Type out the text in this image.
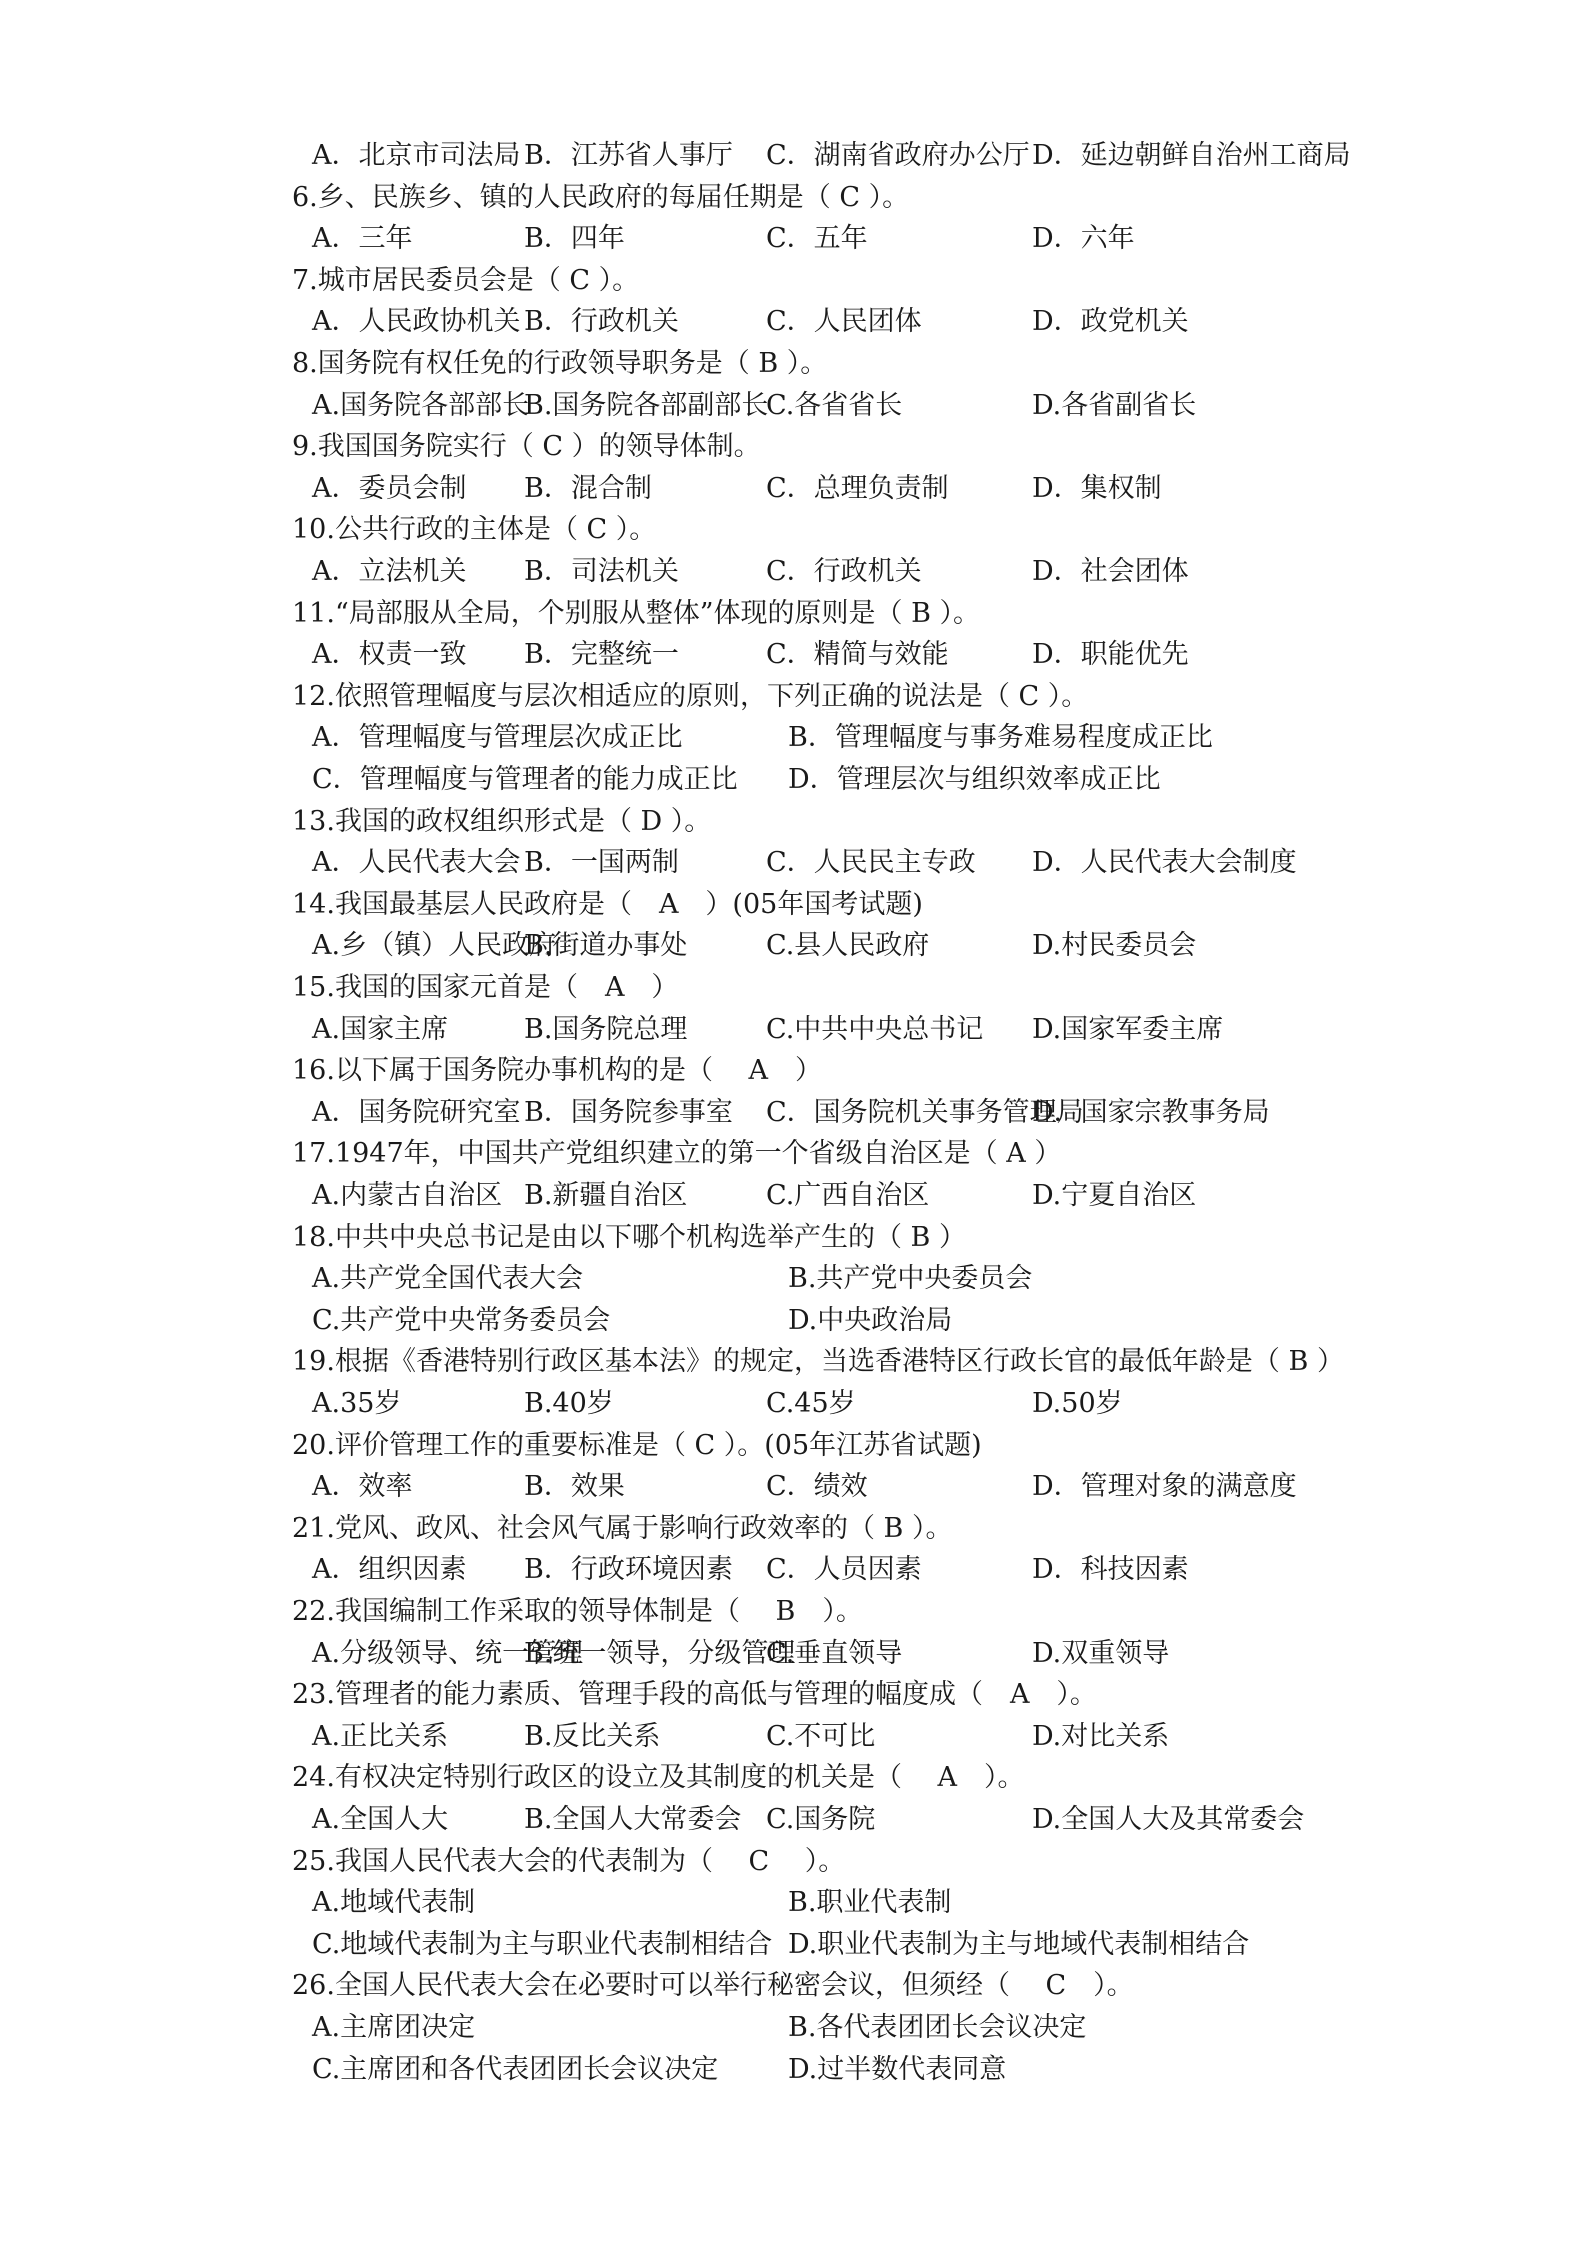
A．北京市司法局 B．江苏省人事厅 C．湖南省政府办公厅 D．延边朝鲜自治州工商局
6.乡、民族乡、镇的人民政府的每届任期是（ C ）。
A．三年	B．四年	C．五年	D．六年
7.城市居民委员会是（ C ）。
A．人民政协机关 B．行政机关	C．人民团体	D．政党机关
8.国务院有权任免的行政领导职务是（ B ）。
A.国务院各部部长
B.国务院各部副部长
C.各省省长	D.各省副省长
9.我国国务院实行（ C ）的领导体制。
A．委员会制 B．混合制	C．总理负责制	D．集权制
10.公共行政的主体是（ C ）。
A．立法机关 B．司法机关	C．行政机关	D．社会团体
11.“局部服从全局，个别服从整体”体现的原则是（ B ）。
A．权责一致 B．完整统一	C．精简与效能	D．职能优先
12.依照管理幅度与层次相适应的原则，下列正确的说法是（ C ）。
A．管理幅度与管理层次成正比	B．管理幅度与事务难易程度成正比
C．管理幅度与管理者的能力成正比 D．管理层次与组织效率成正比
13.我国的政权组织形式是（ D ）。
A．人民代表大会 B．一国两制	C．人民民主专政 D．人民代表大会制度
14.我国最基层人民政府是（　A　）(05年国考试题)
A.乡（镇）人民政府
B.街道办事处	C.县人民政府	D.村民委员会
15.我国的国家元首是（　A　）
A.国家主席	B.国务院总理	C.中共中央总书记 D.国家军委主席
16.以下属于国务院办事机构的是（　 A　）
A．国务院研究室 B．国务院参事室 C．国务院机关事务管理局
D．国家宗教事务局
17.1947年，中国共产党组织建立的第一个省级自治区是（ A ）
A.内蒙古自治区 B.新疆自治区	C.广西自治区	D.宁夏自治区
18.中共中央总书记是由以下哪个机构选举产生的（ B ）
A.共产党全国代表大会	B.共产党中央委员会
C.共产党中央常务委员会	D.中央政治局
19.根据《香港特别行政区基本法》的规定，当选香港特区行政长官的最低年龄是（ B ）
A.35岁	B.40岁	C.45岁	D.50岁
20.评价管理工作的重要标准是（ C ）。(05年江苏省试题)
A．效率	B．效果	C．绩效	D．管理对象的满意度
21.党风、政风、社会风气属于影响行政效率的（ B ）。
A．组织因素 B．行政环境因素 C．人员因素	D．科技因素
22.我国编制工作采取的领导体制是（　 B　）。
A.分级领导、统一管理
B.统一领导，分级管理
C.垂直领导	D.双重领导
23.管理者的能力素质、管理手段的高低与管理的幅度成（　A　）。
A.正比关系	B.反比关系	C.不可比	D.对比关系
24.有权决定特别行政区的设立及其制度的机关是（　 A　）。
A.全国人大	B.全国人大常委会 C.国务院	D.全国人大及其常委会
25.我国人民代表大会的代表制为（　 C　 ）。
A.地域代表制	B.职业代表制
C.地域代表制为主与职业代表制相结合 D.职业代表制为主与地域代表制相结合
26.全国人民代表大会在必要时可以举行秘密会议，但须经（　 C　）。
A.主席团决定	B.各代表团团长会议决定
C.主席团和各代表团团长会议决定	D.过半数代表同意
